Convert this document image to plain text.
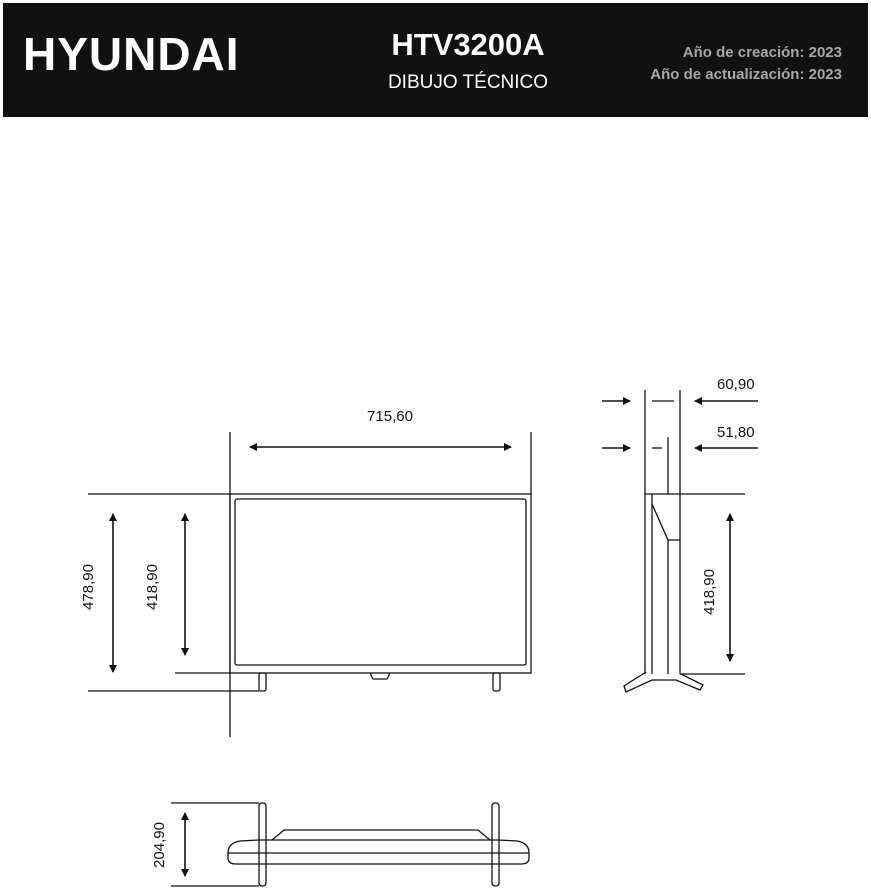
HYUNDAI	HTV3200A
DIBUJO TÉCNICO
Año de creación: 2023
Año de actualización: 2023
715,60
478,90	418,90
60,90
51,80
418,90
204,90
